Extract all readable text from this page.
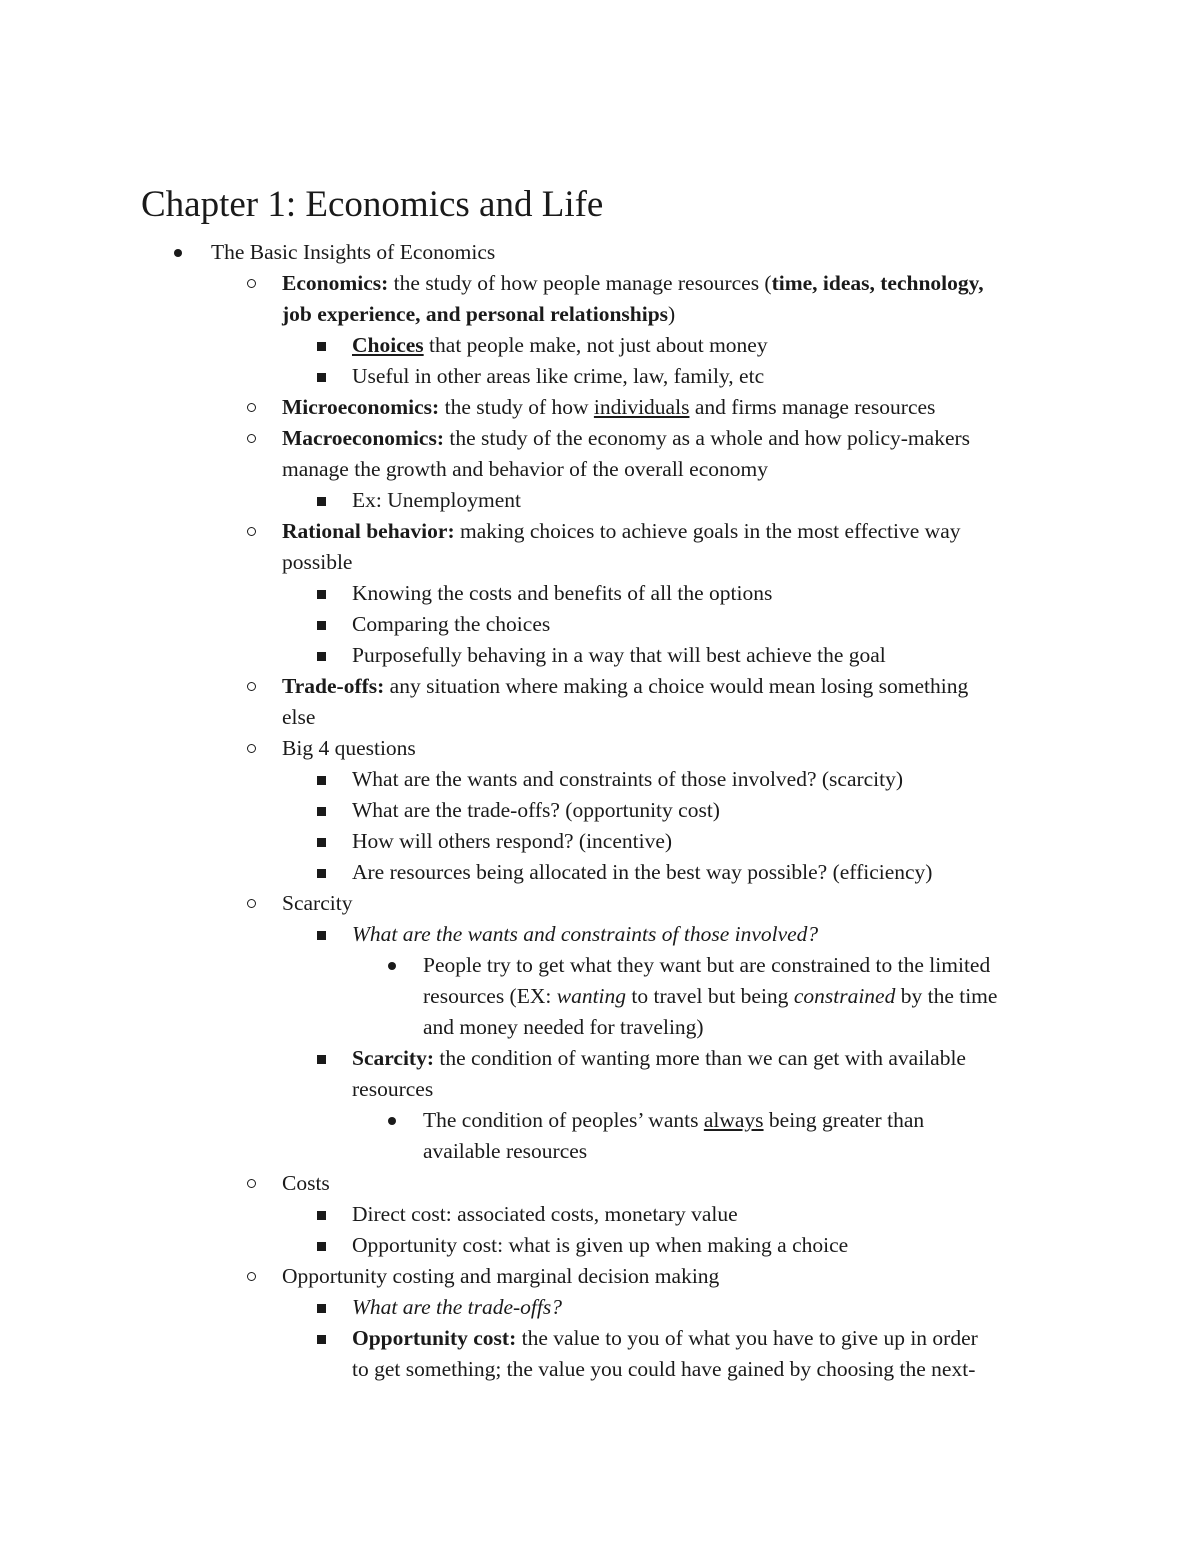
Chapter 1: Economics and Life
The Basic Insights of Economics
Economics: the study of how people manage resources (time, ideas, technology,
job experience, and personal relationships)
Choices that people make, not just about money
Useful in other areas like crime, law, family, etc
Microeconomics: the study of how individuals and firms manage resources
Macroeconomics: the study of the economy as a whole and how policy-makers
manage the growth and behavior of the overall economy
Ex: Unemployment
Rational behavior: making choices to achieve goals in the most effective way
possible
Knowing the costs and benefits of all the options
Comparing the choices
Purposefully behaving in a way that will best achieve the goal
Trade-offs: any situation where making a choice would mean losing something
else
Big 4 questions
What are the wants and constraints of those involved? (scarcity)
What are the trade-offs? (opportunity cost)
How will others respond? (incentive)
Are resources being allocated in the best way possible? (efficiency)
Scarcity
What are the wants and constraints of those involved?
People try to get what they want but are constrained to the limited
resources (EX: wanting to travel but being constrained by the time
and money needed for traveling)
Scarcity: the condition of wanting more than we can get with available
resources
The condition of peoples’ wants always being greater than
available resources
Costs
Direct cost: associated costs, monetary value
Opportunity cost: what is given up when making a choice
Opportunity costing and marginal decision making
What are the trade-offs?
Opportunity cost: the value to you of what you have to give up in order
to get something; the value you could have gained by choosing the next-
